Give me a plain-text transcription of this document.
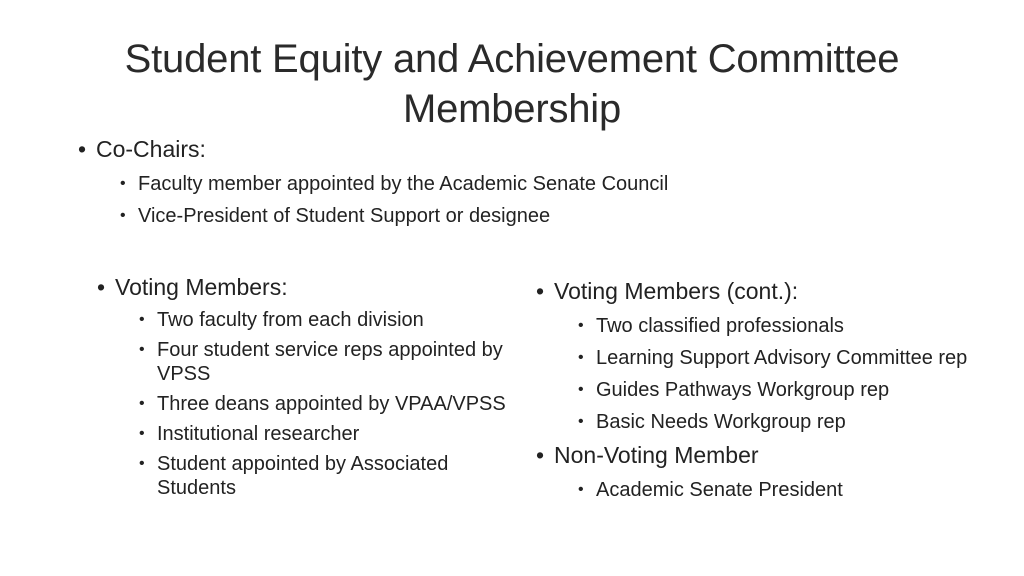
Student Equity and Achievement Committee Membership
• Co-Chairs:
• Faculty member appointed by the Academic Senate Council
• Vice-President of Student Support or designee
• Voting Members:
• Two faculty from each division
• Four student service reps appointed by VPSS
• Three deans appointed by VPAA/VPSS
• Institutional researcher
• Student appointed by Associated Students
• Voting Members (cont.):
• Two classified professionals
• Learning Support Advisory Committee rep
• Guides Pathways Workgroup rep
• Basic Needs Workgroup rep
• Non-Voting Member
• Academic Senate President
